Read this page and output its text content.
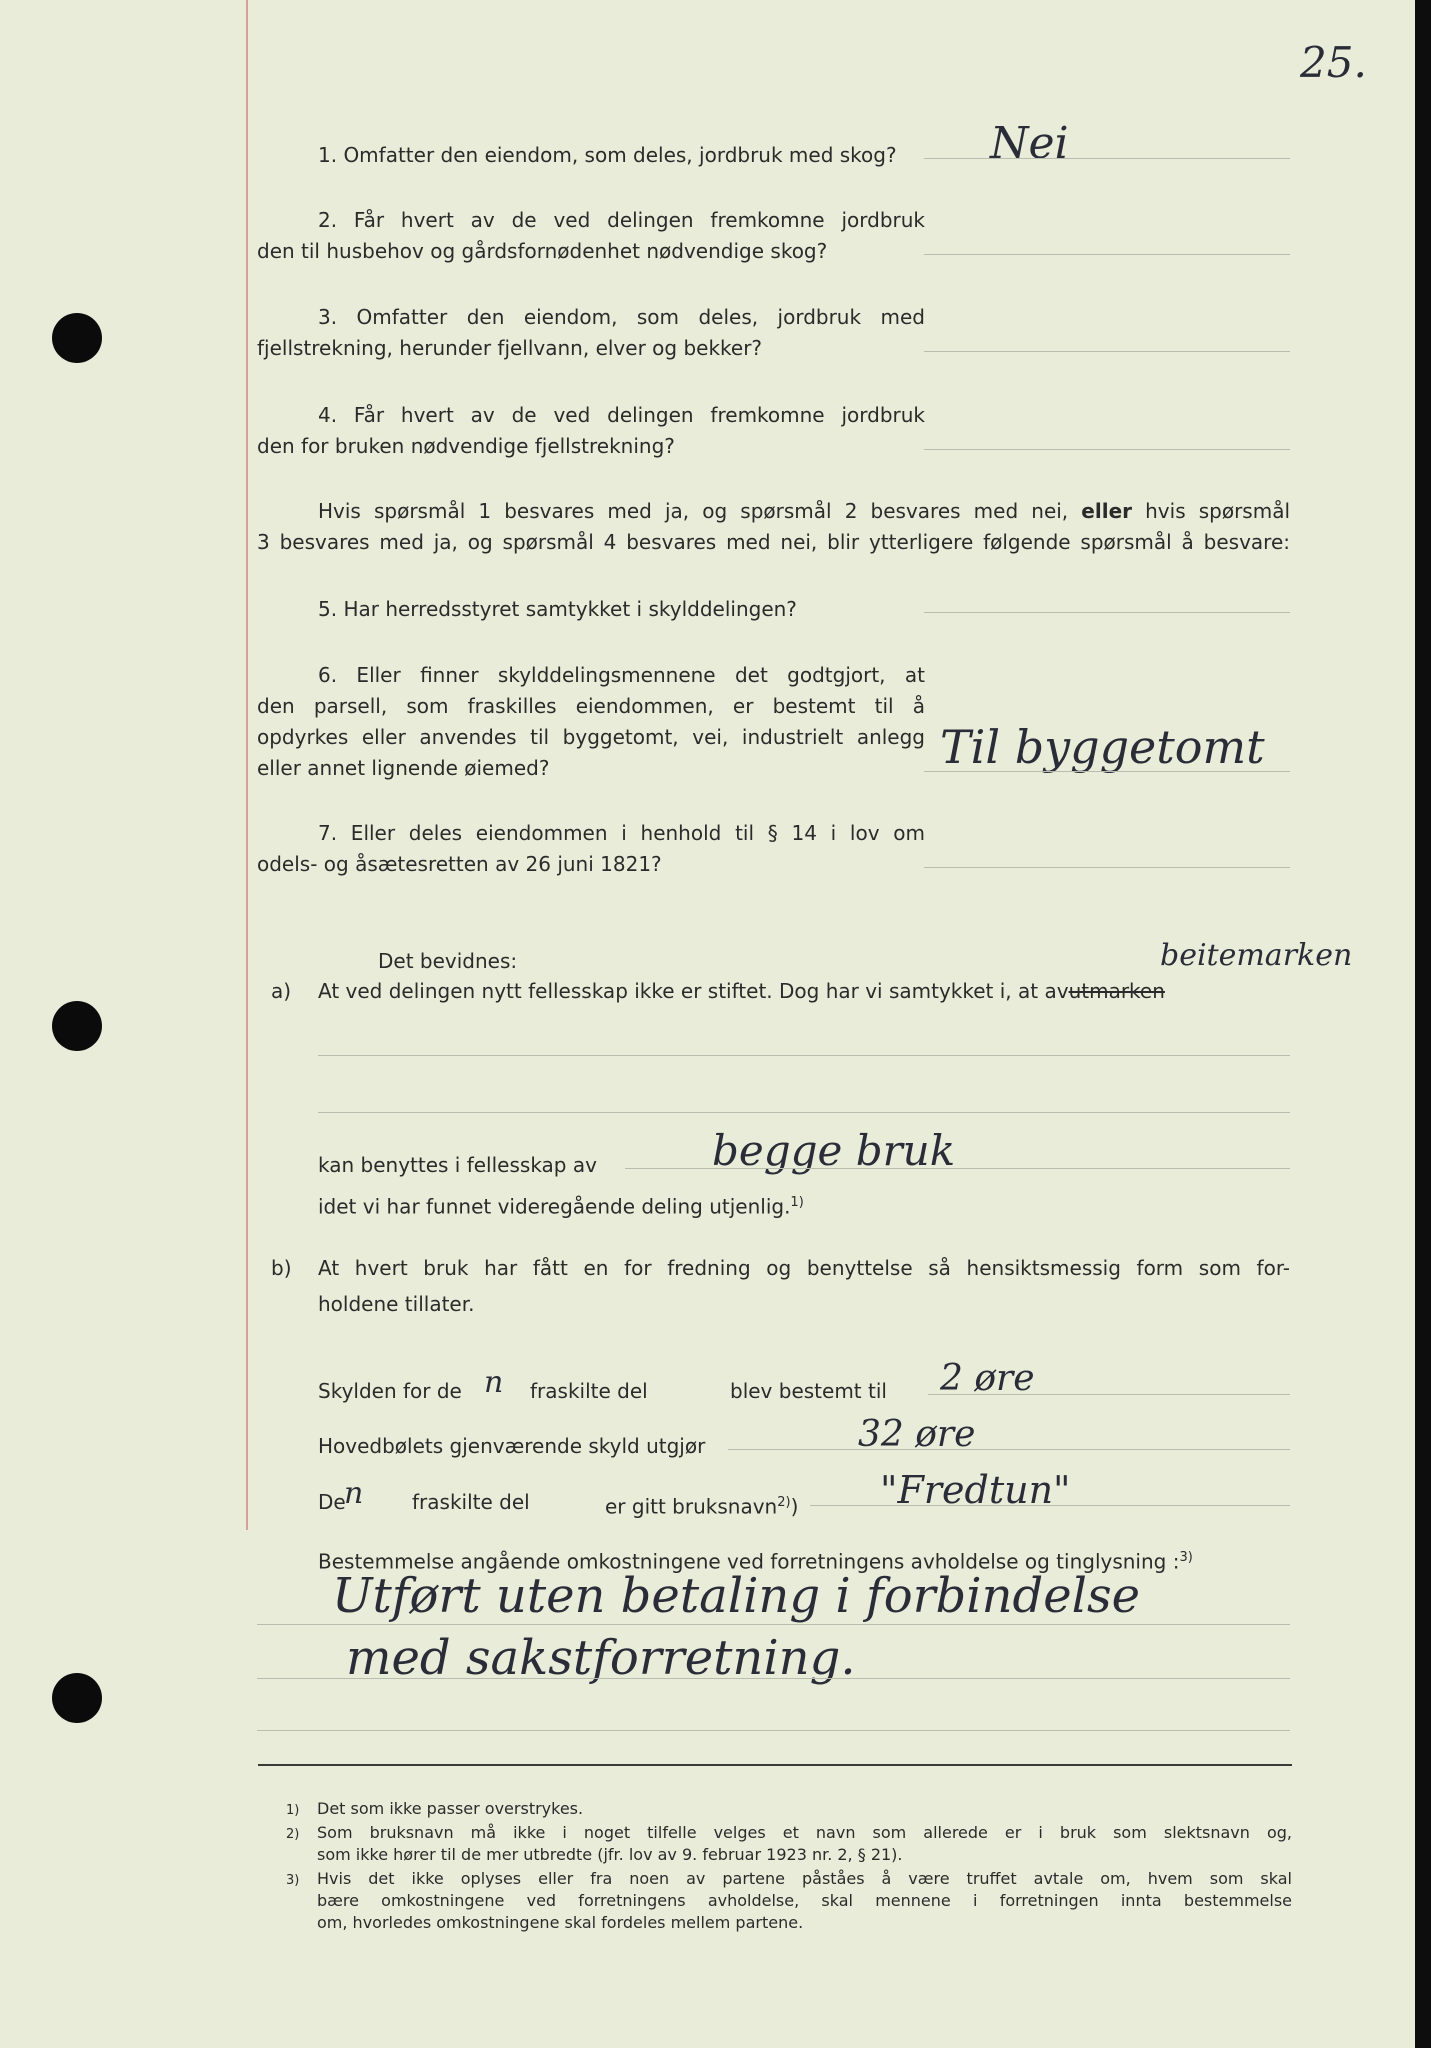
25.
1. Omfatter den eiendom, som deles, jordbruk med skog? Nei
2. Får hvert av de ved delingen fremkomne jordbruk
den til husbehov og gårdsfornødenhet nødvendige skog?
3. Omfatter den eiendom, som deles, jordbruk med
fjellstrekning, herunder fjellvann, elver og bekker?
4. Får hvert av de ved delingen fremkomne jordbruk
den for bruken nødvendige fjellstrekning?
Hvis spørsmål 1 besvares med ja, og spørsmål 2 besvares med nei, eller hvis spørsmål
3 besvares med ja, og spørsmål 4 besvares med nei, blir ytterligere følgende spørsmål å besvare:
5. Har herredsstyret samtykket i skylddelingen?
6. Eller finner skylddelingsmennene det godtgjort, at
den parsell, som fraskilles eiendommen, er bestemt til å
opdyrkes eller anvendes til byggetomt, vei, industrielt anlegg
eller annet lignende øiemed?	Til byggetomt
7. Eller deles eiendommen i henhold til § 14 i lov om
odels- og åsætesretten av 26 juni 1821?
Det bevidnes:	beitemarken
a) At ved delingen nytt fellesskap ikke er stiftet. Dog har vi samtykket i, at avutmarken
kan benyttes i fellesskap av	begge bruk
idet vi har funnet videregående deling utjenlig.$^{1)}$
b) At hvert bruk har fått en for fredning og benyttelse så hensiktsmessig form som for-
holdene tillater.
Skylden for de n fraskilte del	blev bestemt til 2 øre
Hovedbølets gjenværende skyld utgjør	32 øre
De
n fraskilte del	er gitt bruksnavn$^{2)}$) "Fredtun"
Bestemmelse angående omkostningene ved forretningens avholdelse og tinglysning :$^{3)}$
Utført uten betaling i forbindelse
med sakstforretning.
1) Det som ikke passer overstrykes.
2) Som bruksnavn må ikke i noget tilfelle velges et navn som allerede er i bruk som slektsnavn og,
som ikke hører til de mer utbredte (jfr. lov av 9. februar 1923 nr. 2, § 21).
3) Hvis det ikke oplyses eller fra noen av partene påståes å være truffet avtale om, hvem som skal
bære omkostningene ved forretningens avholdelse, skal mennene i forretningen innta bestemmelse
om, hvorledes omkostningene skal fordeles mellem partene.
